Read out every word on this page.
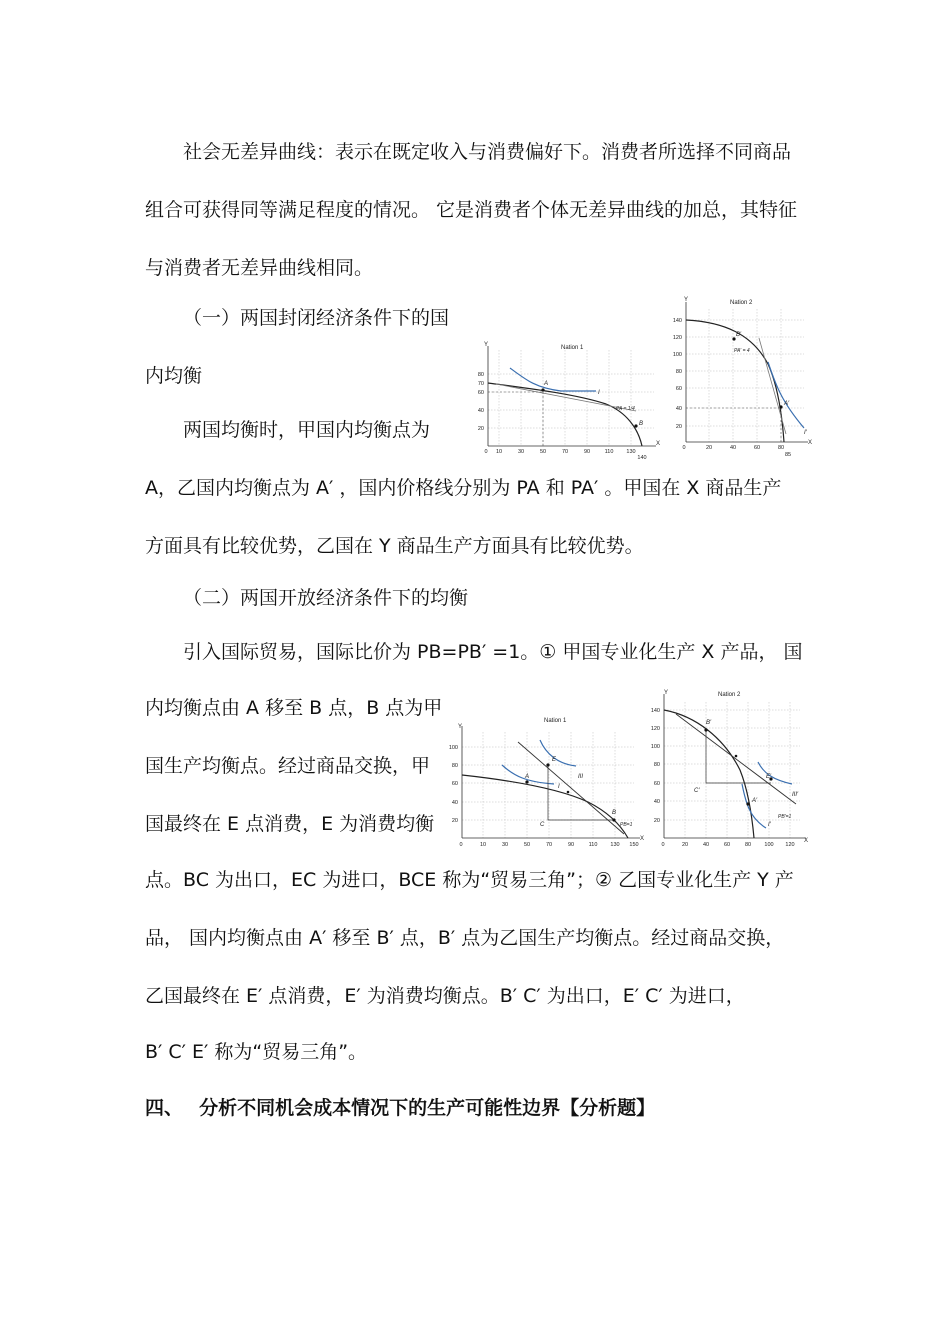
社会无差异曲线：表示在既定收入与消费偏好下。消费者所选择不同商品
组合可获得同等满足程度的情况。 它是消费者个体无差异曲线的加总，其特征
与消费者无差异曲线相同。
（一）两国封闭经济条件下的国
内均衡
两国均衡时，甲国内均衡点为
A，乙国内均衡点为 A′ ，国内价格线分别为 PA 和 PA′ 。甲国在 X 商品生产
方面具有比较优势，乙国在 Y 商品生产方面具有比较优势。
（二）两国开放经济条件下的均衡
引入国际贸易，国际比价为 PB=PB′ =1。① 甲国专业化生产 X 产品， 国
内均衡点由 A 移至 B 点，B 点为甲
国生产均衡点。经过商品交换，甲
国最终在 E 点消费，E 为消费均衡
点。BC 为出口，EC 为进口，BCE 称为“贸易三角”；② 乙国专业化生产 Y 产
品， 国内均衡点由 A′ 移至 B′ 点，B′ 点为乙国生产均衡点。经过商品交换，
乙国最终在 E′ 点消费，E′ 为消费均衡点。B′ C′ 为出口，E′ C′ 为进口，
B′ C′ E′ 称为“贸易三角”。
四、　 分析不同机会成本情况下的生产可能性边界【分析题】
Nation 1
Y
X
0 10	30	50	70	90	110 130
140
20
40
60
80
70	A
B
I
PA = 1/4
Nation 2
Y
X
0	20	40	60	80
85
20
40
60
80
100
120
140
A′
B′
I′
PA′ = 4
Nation 1
Y
X
0	10	30	50	70	90	110 130 150
20
40
60
80
100
A
B
C
E
I
III
PB=1
Nation 2
Y
X
0	20	40	60	80 100 120
20
40
60
80
100
120
140
B′
C′
E′
A′
I′
III′
PB′=1
